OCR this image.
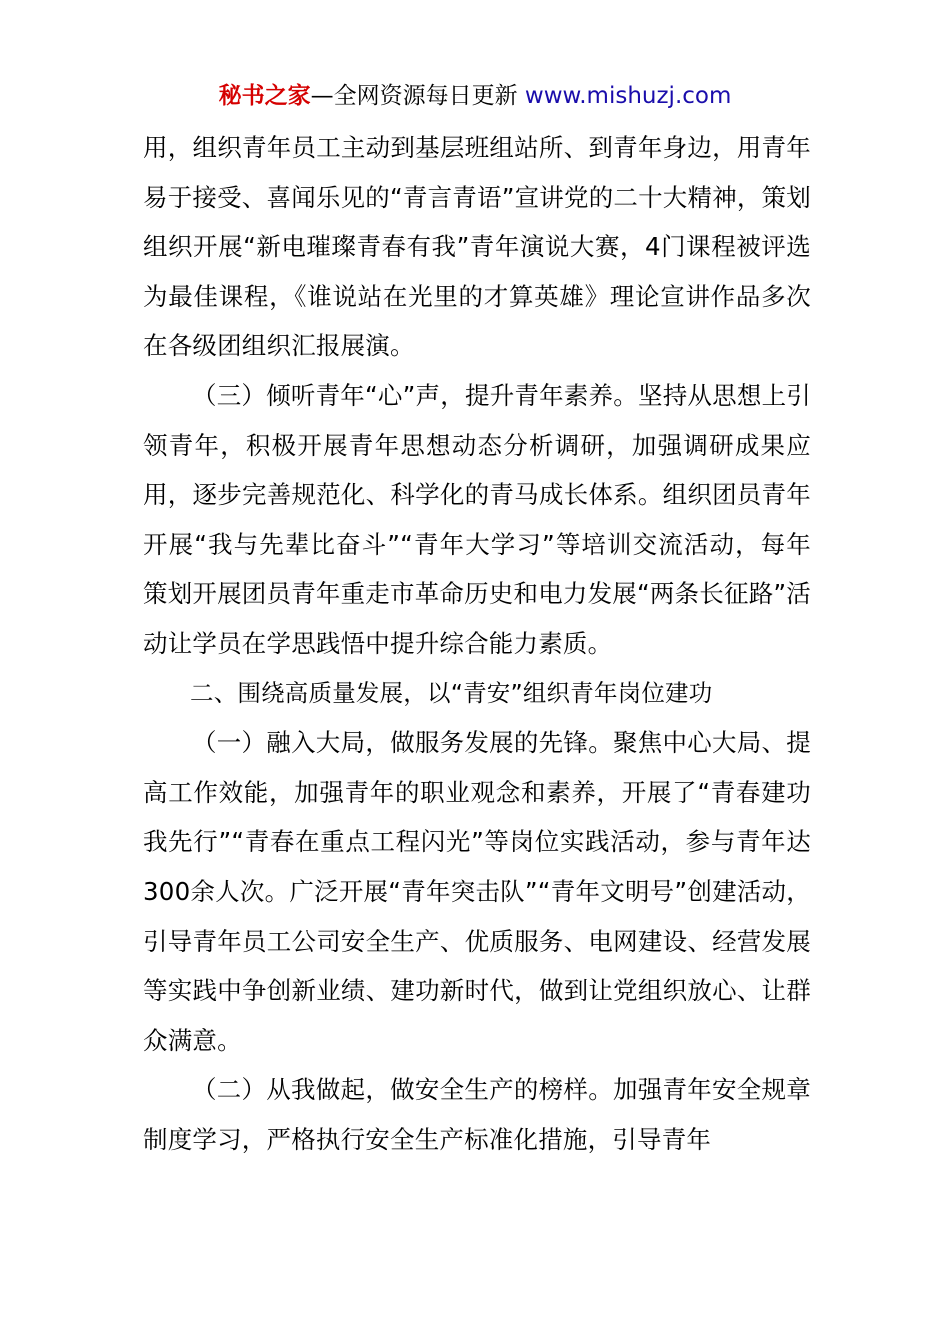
秘书之家—全网资源每日更新 www.mishuzj.com

用，组织青年员工主动到基层班组站所、到青年身边，用青年易于接受、喜闻乐见的“青言青语”宣讲党的二十大精神，策划组织开展“新电璀璨青春有我”青年演说大赛，4门课程被评选为最佳课程，《谁说站在光里的才算英雄》理论宣讲作品多次在各级团组织汇报展演。

（三）倾听青年“心”声，提升青年素养。坚持从思想上引领青年，积极开展青年思想动态分析调研，加强调研成果应用，逐步完善规范化、科学化的青马成长体系。组织团员青年开展“我与先辈比奋斗”“青年大学习”等培训交流活动，每年策划开展团员青年重走市革命历史和电力发展“两条长征路”活动让学员在学思践悟中提升综合能力素质。

二、围绕高质量发展，以“青安”组织青年岗位建功

（一）融入大局，做服务发展的先锋。聚焦中心大局、提高工作效能，加强青年的职业观念和素养，开展了“青春建功我先行”“青春在重点工程闪光”等岗位实践活动，参与青年达300余人次。广泛开展“青年突击队”“青年文明号”创建活动，引导青年员工公司安全生产、优质服务、电网建设、经营发展等实践中争创新业绩、建功新时代，做到让党组织放心、让群众满意。

（二）从我做起，做安全生产的榜样。加强青年安全规章制度学习，严格执行安全生产标准化措施，引导青年
